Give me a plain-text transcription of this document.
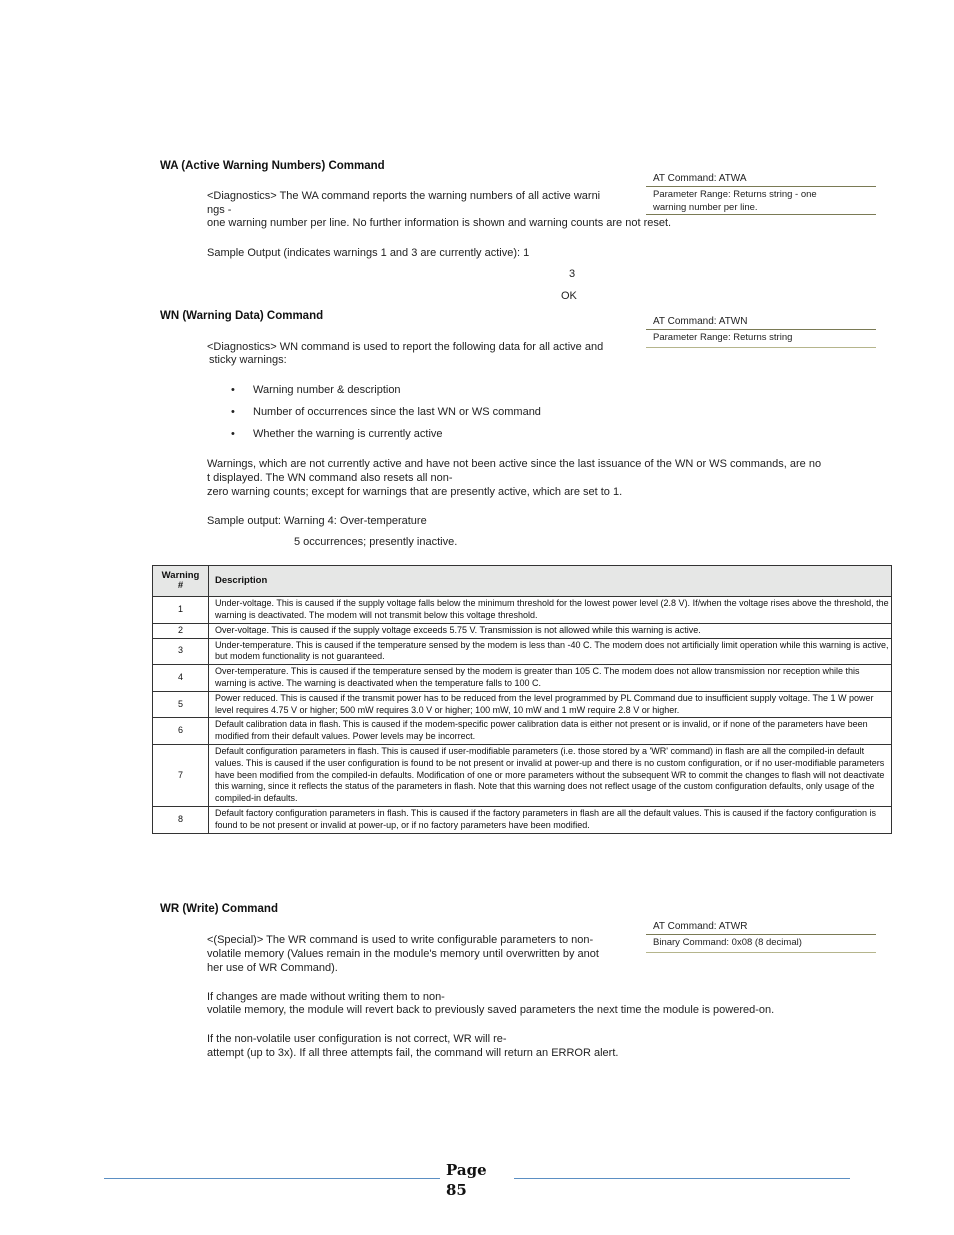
WA (Active Warning Numbers) Command
AT Command: ATWA
Parameter Range: Returns string - one
warning number per line.
<Diagnostics> The WA command reports the warning numbers of all active warni
ngs -
one warning number per line. No further information is shown and warning counts are not reset.
Sample Output (indicates warnings 1 and 3 are currently active): 1
3
OK
WN (Warning Data) Command	AT Command: ATWN
Parameter Range: Returns string
<Diagnostics> WN command is used to report the following data for all active and
sticky warnings:
• Warning number & description
• Number of occurrences since the last WN or WS command
• Whether the warning is currently active
Warnings, which are not currently active and have not been active since the last issuance of the WN or WS commands, are no
t displayed. The WN command also resets all non-
zero warning counts; except for warnings that are presently active, which are set to 1.
Sample output: Warning 4: Over-temperature
5 occurrences; presently inactive.
Warning
#	Description
1	Under-voltage. This is caused if the supply voltage falls below the minimum threshold for the lowest power level (2.8 V). If/when the voltage rises above the threshold, the warning is deactivated. The modem will not transmit below this voltage threshold.
2	Over-voltage. This is caused if the supply voltage exceeds 5.75 V. Transmission is not allowed while this warning is active.
3	Under-temperature. This is caused if the temperature sensed by the modem is less than -40 C. The modem does not artificially limit operation while this warning is active, but modem functionality is not guaranteed.
4	Over-temperature. This is caused if the temperature sensed by the modem is greater than 105 C. The modem does not allow transmission nor reception while this warning is active. The warning is deactivated when the temperature falls to 100 C.
5	Power reduced. This is caused if the transmit power has to be reduced from the level programmed by PL Command due to insufficient supply voltage. The 1 W power level requires 4.75 V or higher; 500 mW requires 3.0 V or higher; 100 mW, 10 mW and 1 mW require 2.8 V or higher.
6	Default calibration data in flash. This is caused if the modem-specific power calibration data is either not present or is invalid, or if none of the parameters have been modified from their default values. Power levels may be incorrect.
7	Default configuration parameters in flash. This is caused if user-modifiable parameters (i.e. those stored by a 'WR' command) in flash are all the compiled-in default values. This is caused if the user configuration is found to be not present or invalid at power-up and there is no custom configuration, or if no user-modifiable parameters have been modified from the compiled-in defaults. Modification of one or more parameters without the subsequent WR to commit the changes to flash will not deactivate this warning, since it reflects the status of the parameters in flash. Note that this warning does not reflect usage of the custom configuration defaults, only usage of the compiled-in defaults.
8	Default factory configuration parameters in flash. This is caused if the factory parameters in flash are all the default values. This is caused if the factory configuration is found to be not present or invalid at power-up, or if no factory parameters have been modified.
WR (Write) Command
AT Command: ATWR
Binary Command: 0x08 (8 decimal)
<(Special)> The WR command is used to write configurable parameters to non-
volatile memory (Values remain in the module's memory until overwritten by anot
her use of WR Command).
If changes are made without writing them to non-
volatile memory, the module will revert back to previously saved parameters the next time the module is powered-on.
If the non-volatile user configuration is not correct, WR will re-
attempt (up to 3x). If all three attempts fail, the command will return an ERROR alert.
Page
85
